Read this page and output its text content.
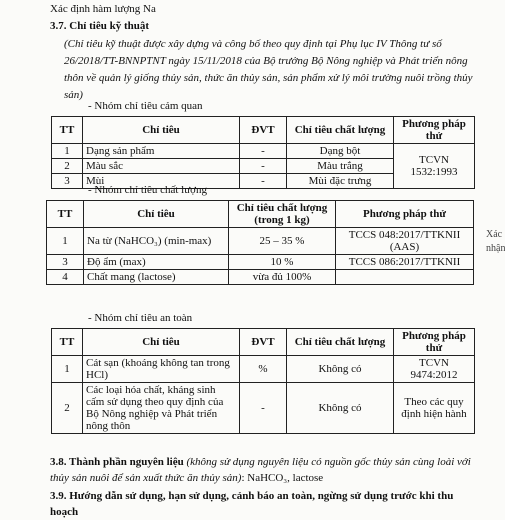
Xác định hàm lượng Na
3.7. Chỉ tiêu kỹ thuật
(Chỉ tiêu kỹ thuật được xây dựng và công bố theo quy định tại Phụ lục IV Thông tư số 26/2018/TT-BNNPTNT ngày 15/11/2018 của Bộ trưởng Bộ Nông nghiệp và Phát triển nông thôn về quản lý giống thủy sản, thức ăn thủy sản, sản phẩm xử lý môi trường nuôi trồng thủy sản)
- Nhóm chỉ tiêu cảm quan
TT	Chỉ tiêu	ĐVT	Chỉ tiêu chất lượng	Phương pháp thử
1	Dạng sản phẩm	-	Dạng bột	TCVN 1532:1993
2	Màu sắc	-	Màu trắng	
3	Mùi	-	Mùi đặc trưng	
- Nhóm chỉ tiêu chất lượng
TT	Chỉ tiêu	Chỉ tiêu chất lượng (trong 1 kg)	Phương pháp thử
1	Na từ (NaHCO₃) (min-max)	25 – 35 %	TCCS 048:2017/TTKNII (AAS)
3	Độ ẩm (max)	10 %	TCCS 086:2017/TTKNII
4	Chất mang (lactose)	vừa đủ 100%	
- Nhóm chỉ tiêu an toàn
TT	Chỉ tiêu	ĐVT	Chỉ tiêu chất lượng	Phương pháp thử
1	Cát sạn (khoáng không tan trong HCl)	%	Không có	TCVN 9474:2012
2	Các loại hóa chất, kháng sinh cấm sử dụng theo quy định của Bộ Nông nghiệp và Phát triển nông thôn	-	Không có	Theo các quy định hiện hành
3.8. Thành phần nguyên liệu (không sử dụng nguyên liệu có nguồn gốc thủy sản cùng loài với thủy sản nuôi để sản xuất thức ăn thủy sản): NaHCO₃, lactose
3.9. Hướng dẫn sử dụng, hạn sử dụng, cảnh báo an toàn, ngừng sử dụng trước khi thu hoạch
Xác nhận
